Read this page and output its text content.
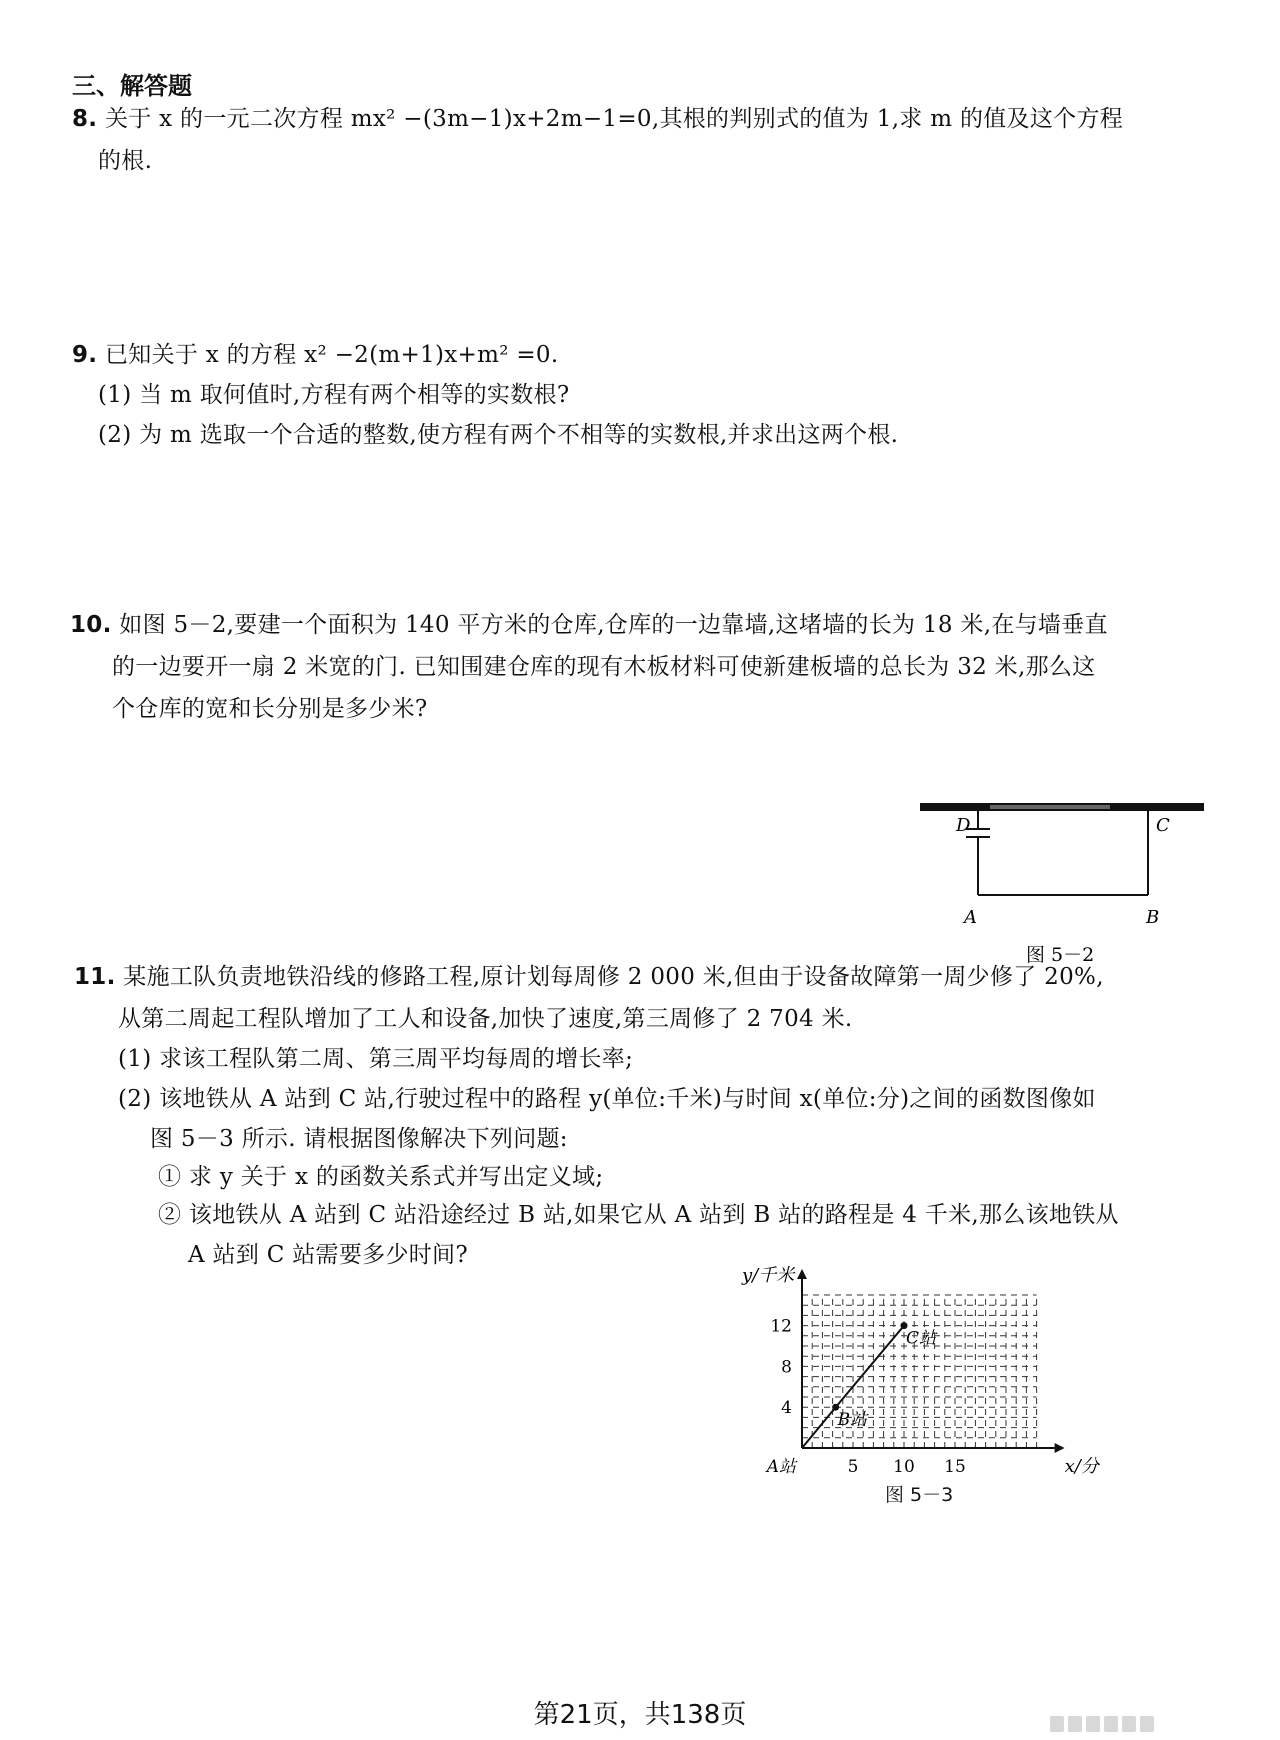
三、解答题
8. 关于 x 的一元二次方程 mx² −(3m−1)x+2m−1=0,其根的判别式的值为 1,求 m 的值及这个方程
的根.
9. 已知关于 x 的方程 x² −2(m+1)x+m² =0.
(1) 当 m 取何值时,方程有两个相等的实数根?
(2) 为 m 选取一个合适的整数,使方程有两个不相等的实数根,并求出这两个根.
10. 如图 5－2,要建一个面积为 140 平方米的仓库,仓库的一边靠墙,这堵墙的长为 18 米,在与墙垂直
的一边要开一扇 2 米宽的门. 已知围建仓库的现有木板材料可使新建板墙的总长为 32 米,那么这
个仓库的宽和长分别是多少米?
D	C
A	B
图 5－2
11. 某施工队负责地铁沿线的修路工程,原计划每周修 2 000 米,但由于设备故障第一周少修了 20%,
从第二周起工程队增加了工人和设备,加快了速度,第三周修了 2 704 米.
(1) 求该工程队第二周、第三周平均每周的增长率;
(2) 该地铁从 A 站到 C 站,行驶过程中的路程 y(单位:千米)与时间 x(单位:分)之间的函数图像如
图 5－3 所示. 请根据图像解决下列问题:
① 求 y 关于 x 的函数关系式并写出定义域;
② 该地铁从 A 站到 C 站沿途经过 B 站,如果它从 A 站到 B 站的路程是 4 千米,那么该地铁从
A 站到 C 站需要多少时间?
4
8
12
5 10 15
A站
B站
C站
y/千米
x/分
图 5－3
第21页，共138页
